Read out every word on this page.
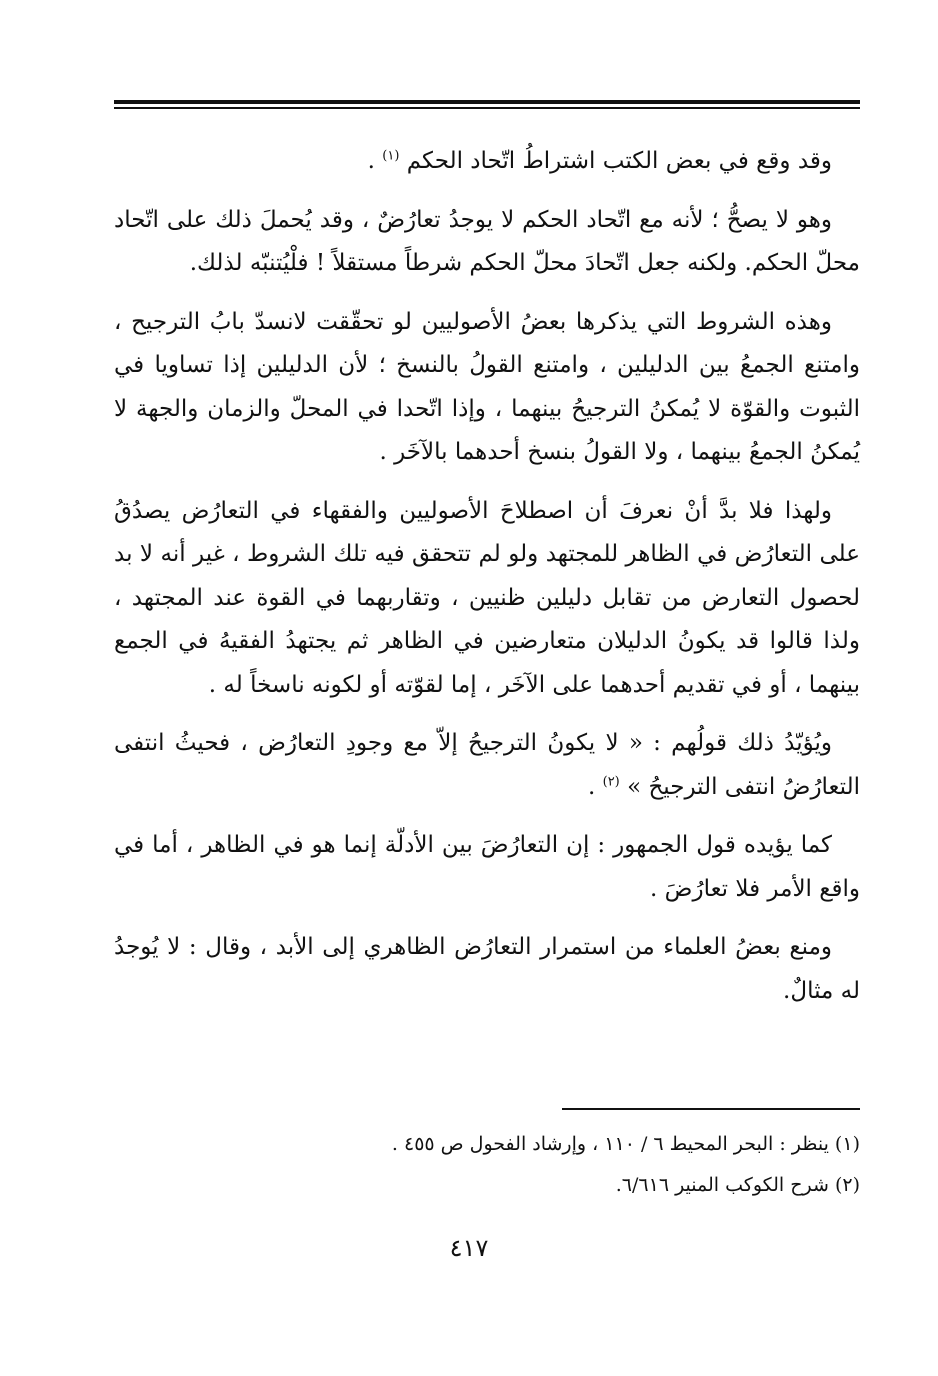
وقد وقع في بعض الكتب اشتراطُ اتّحاد الحكم $^{(١)}$ .

وهو لا يصحُّ ؛ لأنه مع اتّحاد الحكم لا يوجدُ تعارُضٌ ، وقد يُحملَ ذلك على اتّحاد محلّ الحكم. ولكنه جعل اتّحادَ محلّ الحكم شرطاً مستقلاً ! فلْيُتنبّه لذلك.

وهذه الشروط التي يذكرها بعضُ الأصوليين لو تحقّقت لانسدّ بابُ الترجيح ، وامتنع الجمعُ بين الدليلين ، وامتنع القولُ بالنسخ ؛ لأن الدليلين إذا تساويا في الثبوت والقوّة لا يُمكنُ الترجيحُ بينهما ، وإذا اتّحدا في المحلّ والزمان والجهة لا يُمكنُ الجمعُ بينهما ، ولا القولُ بنسخ أحدهما بالآخَر .

ولهذا فلا بدَّ أنْ نعرفَ أن اصطلاحَ الأصوليين والفقهاء في التعارُض يصدُقُ على التعارُض في الظاهر للمجتهد ولو لم تتحقق فيه تلك الشروط ، غير أنه لا بد لحصول التعارض من تقابل دليلين ظنيين ، وتقاربهما في القوة عند المجتهد ، ولذا قالوا قد يكونُ الدليلان متعارضين في الظاهر ثم يجتهدُ الفقيهُ في الجمع بينهما ، أو في تقديم أحدهما على الآخَر ، إما لقوّته أو لكونه ناسخاً له .

ويُؤيّدُ ذلك قولُهم : « لا يكونُ الترجيحُ إلاّ مع وجودِ التعارُض ، فحيثُ انتفى التعارُضُ انتفى الترجيحُ » $^{(٢)}$ .

كما يؤيده قول الجمهور : إن التعارُضَ بين الأدلّة إنما هو في الظاهر ، أما في واقع الأمر فلا تعارُضَ .

ومنع بعضُ العلماء من استمرار التعارُض الظاهري إلى الأبد ، وقال : لا يُوجدُ له مثالٌ.

(١) ينظر : البحر المحيط ٦ / ١١٠ ، وإرشاد الفحول ص ٤٥٥ .

(٢) شرح الكوكب المنير ٦/٦١٦.

٤١٧
